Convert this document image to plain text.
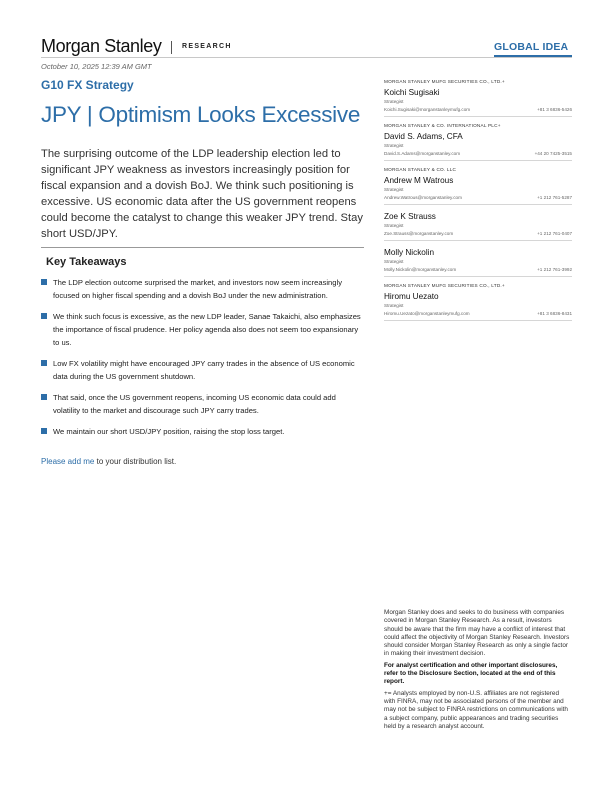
Morgan Stanley	RESEARCH	GLOBAL IDEA
October 10, 2025 12:39 AM GMT
G10 FX Strategy
JPY | Optimism Looks Excessive

The surprising outcome of the LDP leadership election led to significant JPY weakness as investors increasingly position for fiscal expansion and a dovish BoJ. We think such positioning is excessive. US economic data after the US government reopens could become the catalyst to change this weaker JPY trend. Stay short USD/JPY.

Key Takeaways
The LDP election outcome surprised the market, and investors now seem increasingly focused on higher fiscal spending and a dovish BoJ under the new administration.
We think such focus is excessive, as the new LDP leader, Sanae Takaichi, also emphasizes the importance of fiscal prudence. Her policy agenda also does not seem too expansionary to us.
Low FX volatility might have encouraged JPY carry trades in the absence of US economic data during the US government shutdown.
That said, once the US government reopens, incoming US economic data could add volatility to the market and discourage such JPY carry trades.
We maintain our short USD/JPY position, raising the stop loss target.
Please add me to your distribution list.
MORGAN STANLEY MUFG SECURITIES CO., LTD.+
Koichi Sugisaki
Strategist
Koichi.Sugisaki@morganstanleymufg.com	+81 3 6836-5426
MORGAN STANLEY & CO. INTERNATIONAL PLC+
David S. Adams, CFA
Strategist
David.S.Adams@morganstanley.com	+44 20 7425-3515
MORGAN STANLEY & CO. LLC
Andrew M Watrous
Strategist
Andrew.Watrous@morganstanley.com	+1 212 761-5287
Zoe K Strauss
Strategist
Zoe.Strauss@morganstanley.com	+1 212 761-0407
Molly Nickolin
Strategist
Molly.Nickolin@morganstanley.com	+1 212 761-3992
MORGAN STANLEY MUFG SECURITIES CO., LTD.+
Hiromu Uezato
Strategist
Hiromu.Uezato@morganstanleymufg.com	+81 3 6836-8431

Morgan Stanley does and seeks to do business with companies covered in Morgan Stanley Research. As a result, investors should be aware that the firm may have a conflict of interest that could affect the objectivity of Morgan Stanley Research. Investors should consider Morgan Stanley Research as only a single factor in making their investment decision.

For analyst certification and other important disclosures, refer to the Disclosure Section, located at the end of this report.

+= Analysts employed by non-U.S. affiliates are not registered with FINRA, may not be associated persons of the member and may not be subject to FINRA restrictions on communications with a subject company, public appearances and trading securities held by a research analyst account.
